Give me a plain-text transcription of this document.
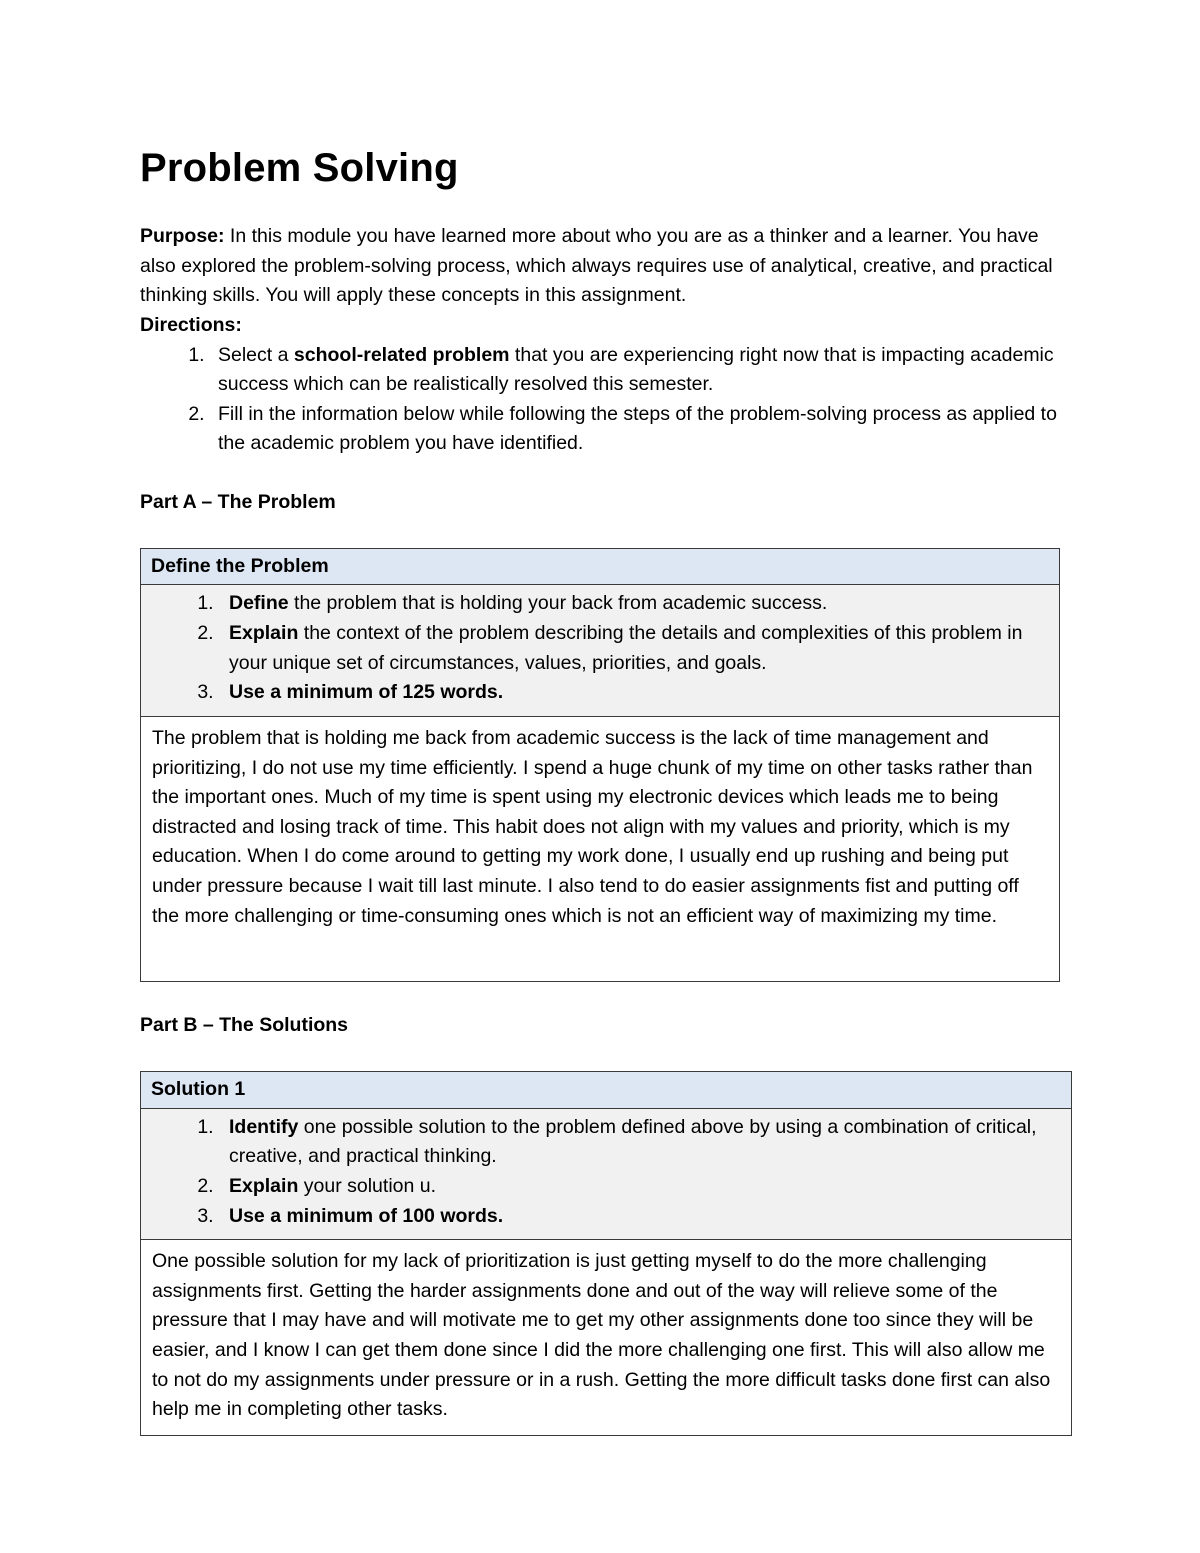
Problem Solving

Purpose: In this module you have learned more about who you are as a thinker and a learner. You have also explored the problem-solving process, which always requires use of analytical, creative, and practical thinking skills. You will apply these concepts in this assignment.

Directions:

1. Select a school-related problem that you are experiencing right now that is impacting academic success which can be realistically resolved this semester.
2. Fill in the information below while following the steps of the problem-solving process as applied to the academic problem you have identified.

Part A – The Problem

Define the Problem

1. Define the problem that is holding your back from academic success.
2. Explain the context of the problem describing the details and complexities of this problem in your unique set of circumstances, values, priorities, and goals.
3. Use a minimum of 125 words.

The problem that is holding me back from academic success is the lack of time management and prioritizing, I do not use my time efficiently. I spend a huge chunk of my time on other tasks rather than the important ones. Much of my time is spent using my electronic devices which leads me to being distracted and losing track of time. This habit does not align with my values and priority, which is my education. When I do come around to getting my work done, I usually end up rushing and being put under pressure because I wait till last minute. I also tend to do easier assignments fist and putting off the more challenging or time-consuming ones which is not an efficient way of maximizing my time.

Part B – The Solutions

Solution 1

1. Identify one possible solution to the problem defined above by using a combination of critical, creative, and practical thinking.
2. Explain your solution u.
3. Use a minimum of 100 words.

One possible solution for my lack of prioritization is just getting myself to do the more challenging assignments first. Getting the harder assignments done and out of the way will relieve some of the pressure that I may have and will motivate me to get my other assignments done too since they will be easier, and I know I can get them done since I did the more challenging one first. This will also allow me to not do my assignments under pressure or in a rush. Getting the more difficult tasks done first can also help me in completing other tasks.
